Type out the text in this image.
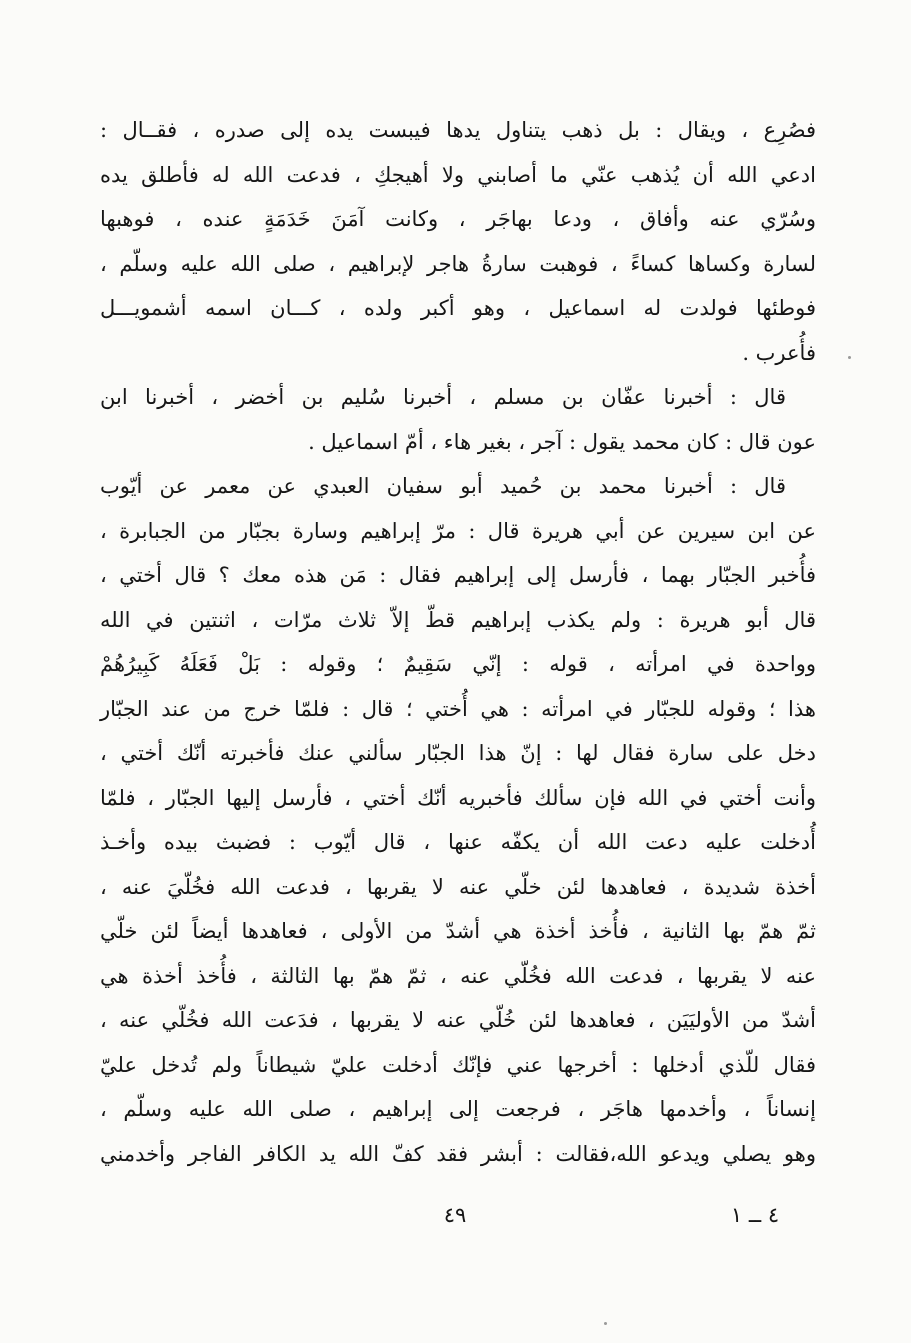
فصُرِع ، ويقال : بل ذهب يتناول يدها فيبست يده إلى صدره ، فقــال :
ادعي الله أن يُذهب عنّي ما أصابني ولا أهيجكِ ، فدعت الله له فأطلق يده
وسُرّي عنه وأفاق ، ودعا بهاجَر ، وكانت آمَنَ خَدَمَةٍ عنده ، فوهبها
لسارة وكساها كساءً ، فوهبت سارةُ هاجر لإبراهيم ، صلى الله عليه وسلّم ،
فوطئها فولدت له اسماعيل ، وهو أكبر ولده ، كـــان اسمه أشمويـــل
فأُعرب .
قال : أخبرنا عفّان بن مسلم ، أخبرنا سُليم بن أخضر ، أخبرنا ابن
عون قال : كان محمد يقول : آجر ، بغير هاء ، أمّ اسماعيل .
قال : أخبرنا محمد بن حُميد أبو سفيان العبدي عن معمر عن أيّوب
عن ابن سيرين عن أبي هريرة قال : مرّ إبراهيم وسارة بجبّار من الجبابرة ،
فأُخبر الجبّار بهما ، فأرسل إلى إبراهيم فقال : مَن هذه معك ؟ قال أختي ،
قال أبو هريرة : ولم يكذب إبراهيم قطّ إلاّ ثلاث مرّات ، اثنتين في الله
وواحدة في امرأته ، قوله : إنّي سَقِيمٌ ؛ وقوله : بَلْ فَعَلَهُ كَبِيرُهُمْ
هذا ؛ وقوله للجبّار في امرأته : هي أُختي ؛ قال : فلمّا خرج من عند الجبّار
دخل على سارة فقال لها : إنّ هذا الجبّار سألني عنك فأخبرته أنّك أختي ،
وأنت أختي في الله فإن سألك فأخبريه أنّك أختي ، فأرسل إليها الجبّار ، فلمّا
أُدخلت عليه دعت الله أن يكفّه عنها ، قال أيّوب : فضبث بيده وأخـذ
أخذة شديدة ، فعاهدها لئن خلّي عنه لا يقربها ، فدعت الله فخُلّيَ عنه ،
ثمّ همّ بها الثانية ، فأُخذ أخذة هي أشدّ من الأولى ، فعاهدها أيضاً لئن خلّي
عنه لا يقربها ، فدعت الله فخُلّي عنه ، ثمّ همّ بها الثالثة ، فأُخذ أخذة هي
أشدّ من الأوليَيَن ، فعاهدها لئن خُلّي عنه لا يقربها ، فدَعت الله فخُلّي عنه ،
فقال للّذي أدخلها : أخرجها عني فإنّك أدخلت عليّ شيطاناً ولم تُدخل عليّ
إنساناً ، وأخدمها هاجَر ، فرجعت إلى إبراهيم ، صلى الله عليه وسلّم ،
وهو يصلي ويدعو الله،فقالت : أبشر فقد كفّ الله يد الكافر الفاجر وأخدمني
٤٩	٤ ــ ١
